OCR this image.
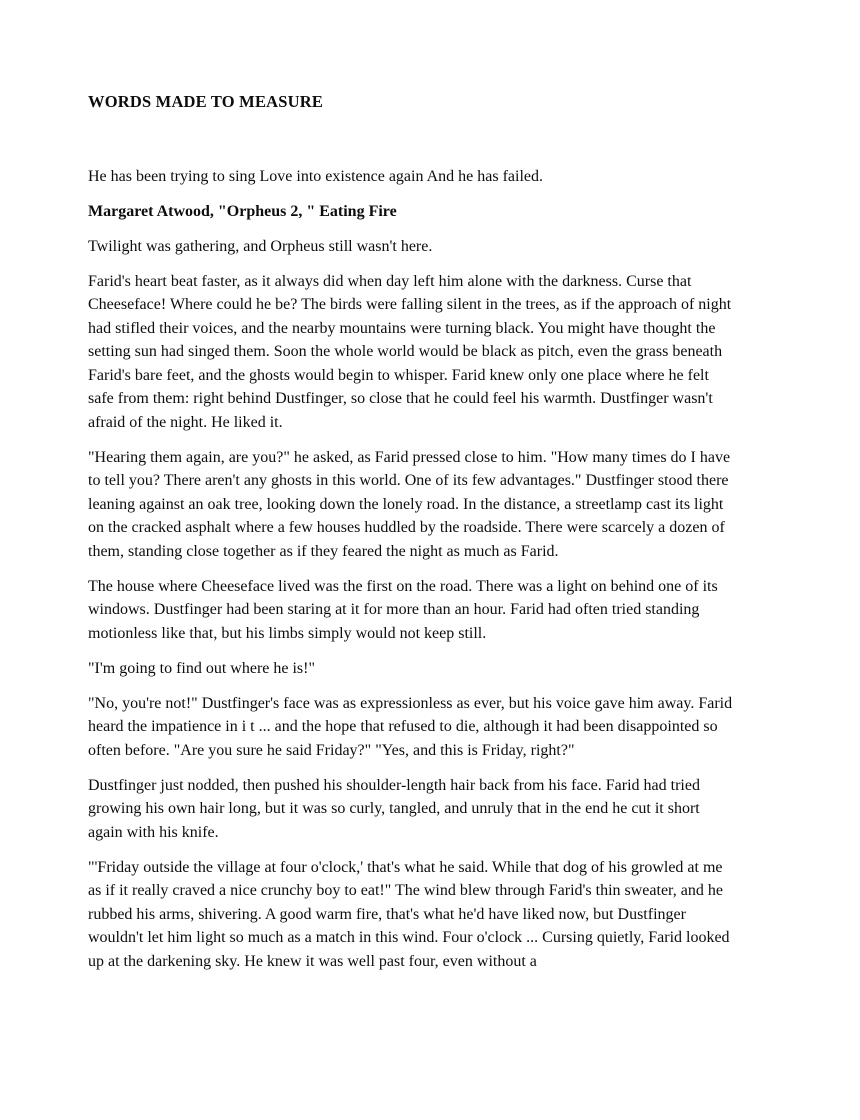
WORDS MADE TO MEASURE

He has been trying to sing Love into existence again And he has failed.

Margaret Atwood, "Orpheus 2, " Eating Fire

Twilight was gathering, and Orpheus still wasn't here.

Farid's heart beat faster, as it always did when day left him alone with the darkness. Curse that Cheeseface! Where could he be? The birds were falling silent in the trees, as if the approach of night had stifled their voices, and the nearby mountains were turning black. You might have thought the setting sun had singed them. Soon the whole world would be black as pitch, even the grass beneath Farid's bare feet, and the ghosts would begin to whisper. Farid knew only one place where he felt safe from them: right behind Dustfinger, so close that he could feel his warmth. Dustfinger wasn't afraid of the night. He liked it.

"Hearing them again, are you?" he asked, as Farid pressed close to him. "How many times do I have to tell you? There aren't any ghosts in this world. One of its few advantages." Dustfinger stood there leaning against an oak tree, looking down the lonely road. In the distance, a streetlamp cast its light on the cracked asphalt where a few houses huddled by the roadside. There were scarcely a dozen of them, standing close together as if they feared the night as much as Farid.

The house where Cheeseface lived was the first on the road. There was a light on behind one of its windows. Dustfinger had been staring at it for more than an hour. Farid had often tried standing motionless like that, but his limbs simply would not keep still.

"I'm going to find out where he is!"

"No, you're not!" Dustfinger's face was as expressionless as ever, but his voice gave him away. Farid heard the impatience in i t ... and the hope that refused to die, although it had been disappointed so often before. "Are you sure he said Friday?" "Yes, and this is Friday, right?"

Dustfinger just nodded, then pushed his shoulder-length hair back from his face. Farid had tried growing his own hair long, but it was so curly, tangled, and unruly that in the end he cut it short again with his knife.

"'Friday outside the village at four o'clock,' that's what he said. While that dog of his growled at me as if it really craved a nice crunchy boy to eat!" The wind blew through Farid's thin sweater, and he rubbed his arms, shivering. A good warm fire, that's what he'd have liked now, but Dustfinger wouldn't let him light so much as a match in this wind. Four o'clock ... Cursing quietly, Farid looked up at the darkening sky. He knew it was well past four, even without a
